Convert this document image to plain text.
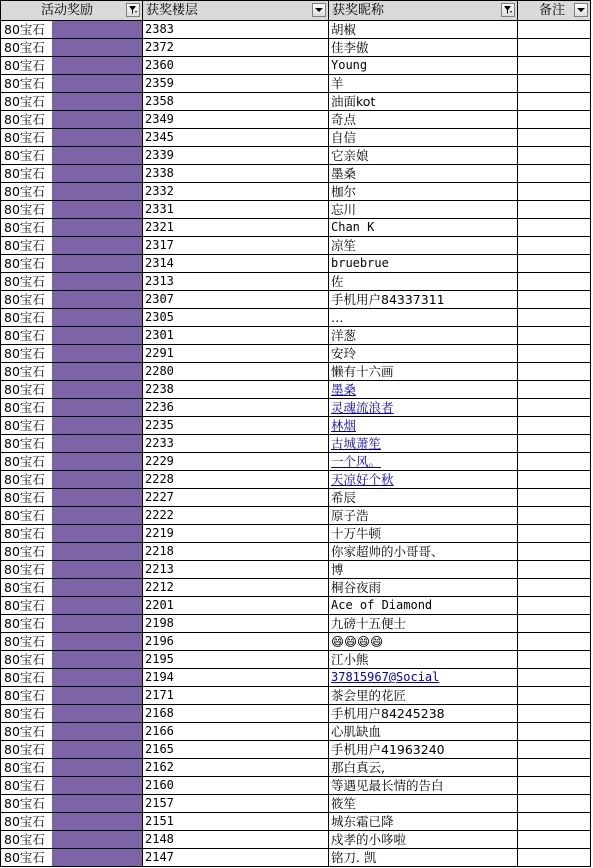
活动奖励	获奖楼层	获奖昵称	备注
80宝石	2383	胡椒
80宝石	2372	佳李傲
80宝石	2360	Young
80宝石	2359	羊
80宝石	2358	油面kot
80宝石	2349	奇点
80宝石	2345	自信
80宝石	2339	它亲娘
80宝石	2338	墨桑
80宝石	2332	枷尔
80宝石	2331	忘川
80宝石	2321	Chan K
80宝石	2317	凉笙
80宝石	2314	bruebrue
80宝石	2313	佐
80宝石	2307	手机用户84337311
80宝石	2305	…
80宝石	2301	洋葱
80宝石	2291	安玲
80宝石	2280	懒有十六画
80宝石	2238	墨桑
80宝石	2236	灵魂流浪者
80宝石	2235	林烟
80宝石	2233	古城萧笙
80宝石	2229	一个风。
80宝石	2228	天凉好个秋
80宝石	2227	希辰
80宝石	2222	原子浩
80宝石	2219	十万牛顿
80宝石	2218	你家超帅的小哥哥、
80宝石	2213	博
80宝石	2212	桐谷夜雨
80宝石	2201	Ace of Diamond
80宝石	2198	九磅十五便士
80宝石	2196	😄😄😄😄
80宝石	2195	江小熊
80宝石	2194	37815967@Social
80宝石	2171	茶会里的花匠
80宝石	2168	手机用户84245238
80宝石	2166	心肌缺血
80宝石	2165	手机用户41963240
80宝石	2162	那白真云,
80宝石	2160	等遇见最长情的告白
80宝石	2157	筱笙
80宝石	2151	城东霜已降
80宝石	2148	戍孝的小哆啦
80宝石	2147	铭刀. 凯
